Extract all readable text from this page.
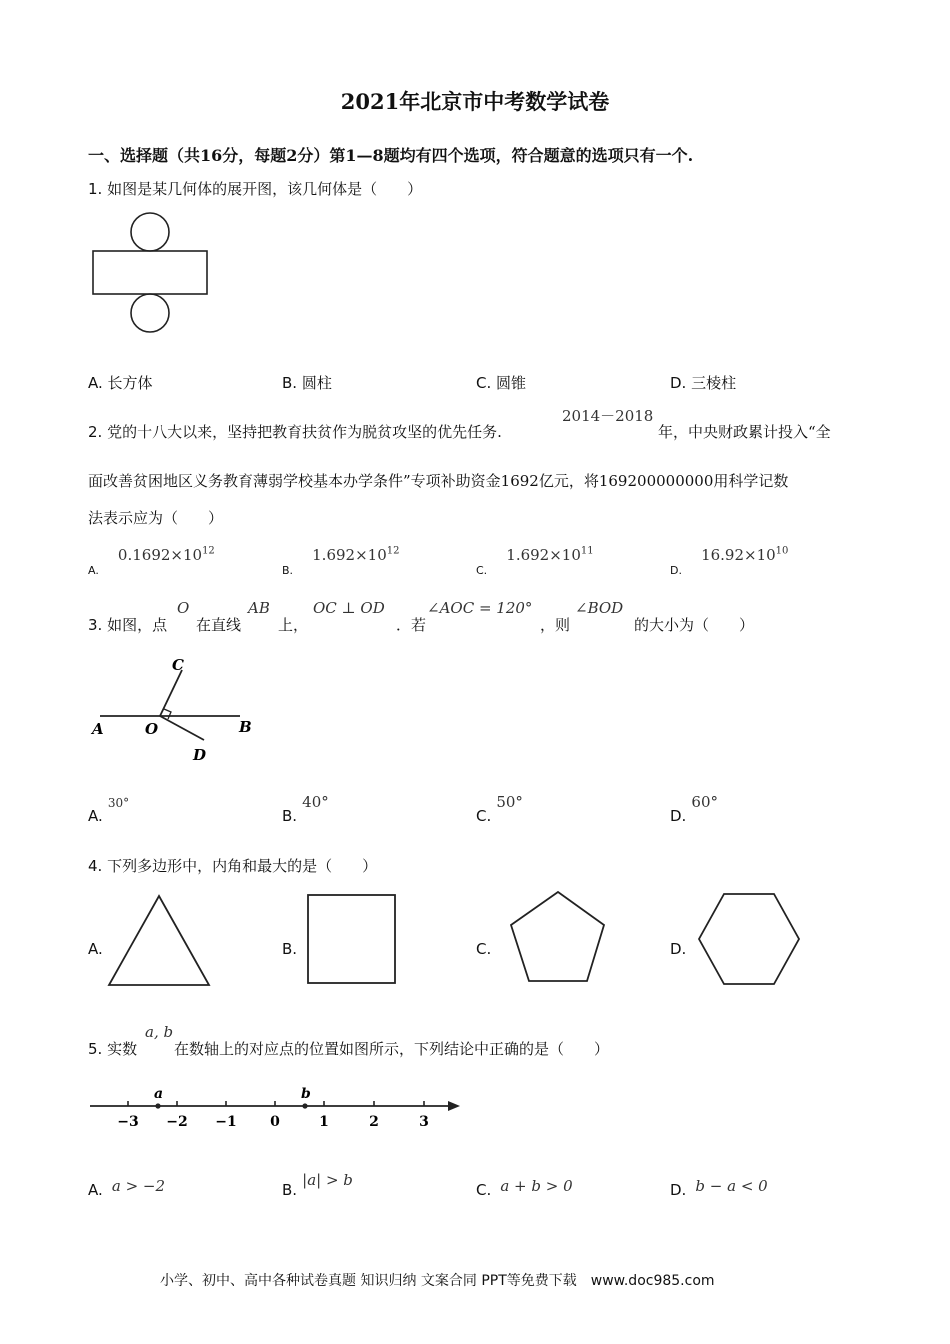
2021年北京市中考数学试卷
一、选择题（共16分，每题2分）第1—8题均有四个选项，符合题意的选项只有一个.
1. 如图是某几何体的展开图，该几何体是（　　）
A. 长方体	B. 圆柱	C. 圆锥	D. 三棱柱
2. 党的十八大以来，坚持把教育扶贫作为脱贫攻坚的优先任务.
2014－2018
年，中央财政累计投入“全
面改善贫困地区义务教育薄弱学校基本办学条件”专项补助资金1692亿元，将169200000000用科学记数
法表示应为（　　）
$_{A.}$ $0.1692\times 10^{12}$
$_{B.}$ $1.692\times 10^{12}$
$_{C.}$ $1.692\times 10^{11}$
$_{D.}$ $16.92\times 10^{10}$
3. 如图，点
O
在直线
AB
上，
OC ⊥ OD
．若
∠AOC = 120°
，则
∠BOD
的大小为（　　）
C
A	O	B
D
A. $^{30^\circ}$
B. 40°
C. 50°
D. 60°
4. 下列多边形中，内角和最大的是（　　）
A.	B.	C.	D.
5. 实数
a, b
在数轴上的对应点的位置如图所示，下列结论中正确的是（　　）
a	b
−3 −2 −1 0	1	2	3
A. a > −2	B. |a| > b
C. a + b > 0	D. b − a < 0
小学、初中、高中各种试卷真题 知识归纳 文案合同 PPT等免费下载　www.doc985.com
